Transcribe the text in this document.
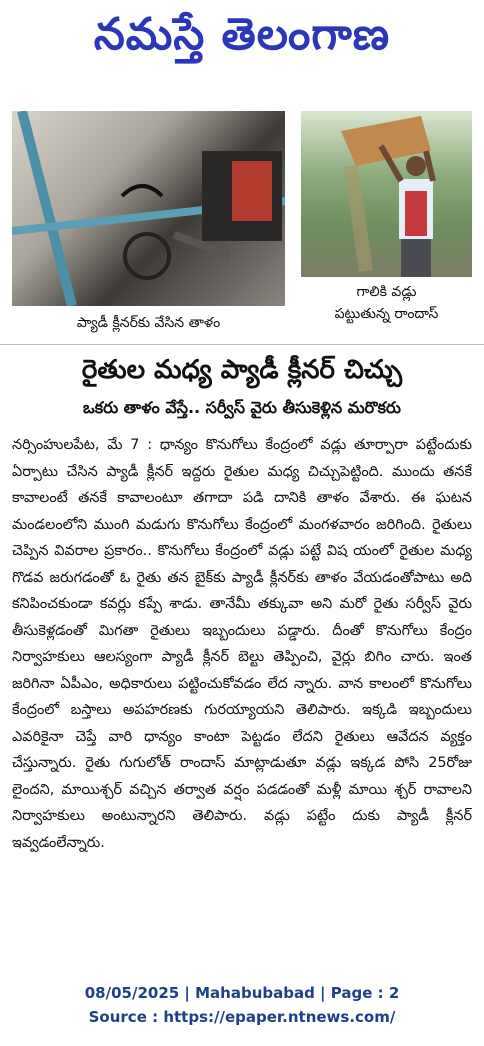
నమస్తే తెలంగాణ
ప్యాడీ క్లీనర్‌కు వేసిన తాళం
గాలికి వడ్లు
పట్టుతున్న రాందాస్
రైతుల మధ్య ప్యాడీ క్లీనర్ చిచ్చు
ఒకరు తాళం వేస్తే.. సర్వీస్ వైరు తీసుకెళ్లిన మరొకరు

నర్సింహులపేట, మే 7 : ధాన్యం కొనుగోలు కేంద్రంలో వడ్లు తూర్పారా పట్టేందుకు ఏర్పాటు చేసిన ప్యాడీ క్లీనర్ ఇద్దరు రైతుల మధ్య చిచ్చుపెట్టింది. ముందు తనకే కావాలంటే తనకే కావాలంటూ తగాదా పడి దానికి తాళం వేశారు. ఈ ఘటన మండలంలోని ముంగి మడుగు కొనుగోలు కేంద్రంలో మంగళవారం జరిగింది. రైతులు చెప్పిన వివరాల ప్రకారం.. కొనుగోలు కేంద్రంలో వడ్లు పట్టే విష యంలో రైతుల మధ్య గొడవ జరుగడంతో ఓ రైతు తన బైక్‌కు ప్యాడీ క్లీనర్‌కు తాళం వేయడంతోపాటు అది కనిపించకుండా కవర్లు కప్పే శాడు. తానేమీ తక్కువా అని మరో రైతు సర్వీస్ వైరు తీసుకెళ్లడంతో మిగతా రైతులు ఇబ్బందులు పడ్డారు. దీంతో కొనుగోలు కేంద్రం నిర్వాహకులు ఆలస్యంగా ప్యాడీ క్లీనర్ బెల్టు తెప్పించి, వైర్లు బిగిం చారు. ఇంత జరిగినా ఏపీఎం, అధికారులు పట్టించుకోవడం లేద న్నారు. వాన కాలంలో కొనుగోలు కేంద్రంలో బస్తాలు అపహరణకు గురయ్యాయని తెలిపారు. ఇక్కడి ఇబ్బందులు ఎవరికైనా చెప్తే వారి ధాన్యం కాంటా పెట్టడం లేదని రైతులు ఆవేదన వ్యక్తం చేస్తున్నారు. రైతు గుగులోత్ రాందాస్ మాట్లాడుతూ వడ్లు ఇక్కడ పోసి 25రోజు లైందని, మాయిశ్చర్ వచ్చిన తర్వాత వర్షం పడడంతో మళ్లీ మాయి శ్చర్ రావాలని నిర్వాహకులు అంటున్నారని తెలిపారు. వడ్లు పట్టేం దుకు ప్యాడీ క్లీనర్ ఇవ్వడంలేన్నారు.

08/05/2025 | Mahabubabad | Page : 2
Source : https://epaper.ntnews.com/
